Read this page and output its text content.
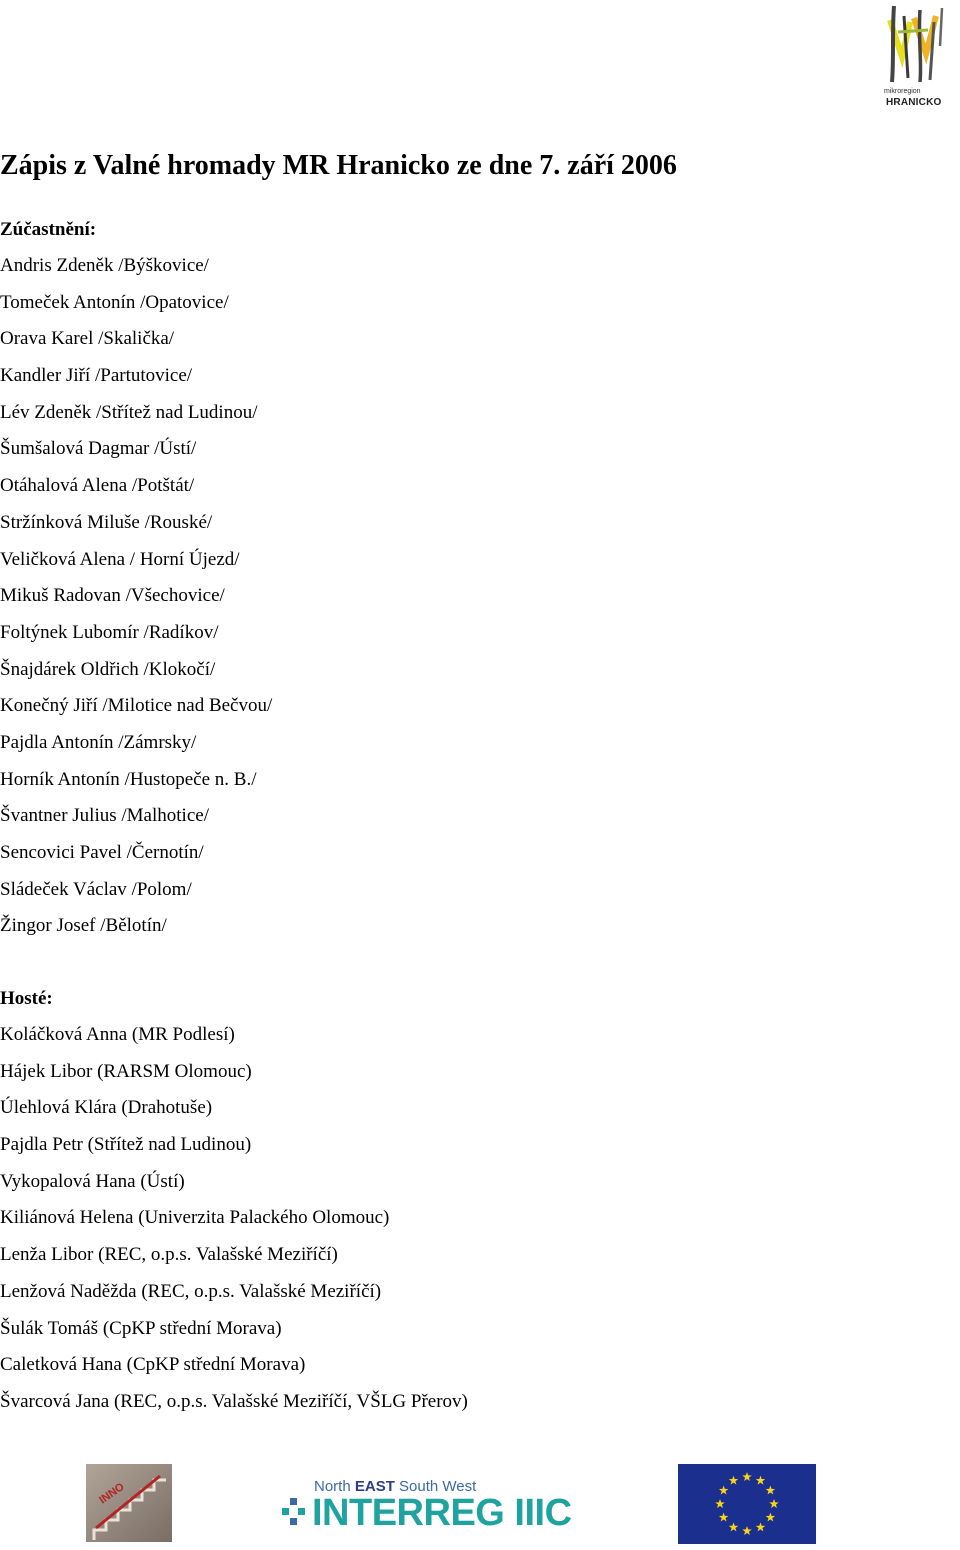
mikroregion
HRANICKO
Zápis z Valné hromady MR Hranicko ze dne 7. září 2006
Zúčastnění:
Andris Zdeněk /Býškovice/
Tomeček Antonín /Opatovice/
Orava Karel /Skalička/
Kandler Jiří /Partutovice/
Lév Zdeněk /Střítež nad Ludinou/
Šumšalová Dagmar /Ústí/
Otáhalová Alena /Potštát/
Stržínková Miluše /Rouské/
Veličková Alena / Horní Újezd/
Mikuš Radovan /Všechovice/
Foltýnek Lubomír /Radíkov/
Šnajdárek Oldřich /Klokočí/
Konečný Jiří /Milotice nad Bečvou/
Pajdla Antonín /Zámrsky/
Horník Antonín /Hustopeče n. B./
Švantner Julius /Malhotice/
Sencovici Pavel /Černotín/
Sládeček Václav /Polom/
Žingor Josef /Bělotín/
Hosté:
Koláčková Anna (MR Podlesí)
Hájek Libor (RARSM Olomouc)
Úlehlová Klára (Drahotuše)
Pajdla Petr (Střítež nad Ludinou)
Vykopalová Hana (Ústí)
Kiliánová Helena (Univerzita Palackého Olomouc)
Lenža Libor (REC, o.p.s. Valašské Meziříčí)
Lenžová Naděžda (REC, o.p.s. Valašské Meziříčí)
Šulák Tomáš (CpKP střední Morava)
Caletková Hana (CpKP střední Morava)
Švarcová Jana (REC, o.p.s. Valašské Meziříčí, VŠLG Přerov)
INNO	North EAST South West
INTERREG IIIC
